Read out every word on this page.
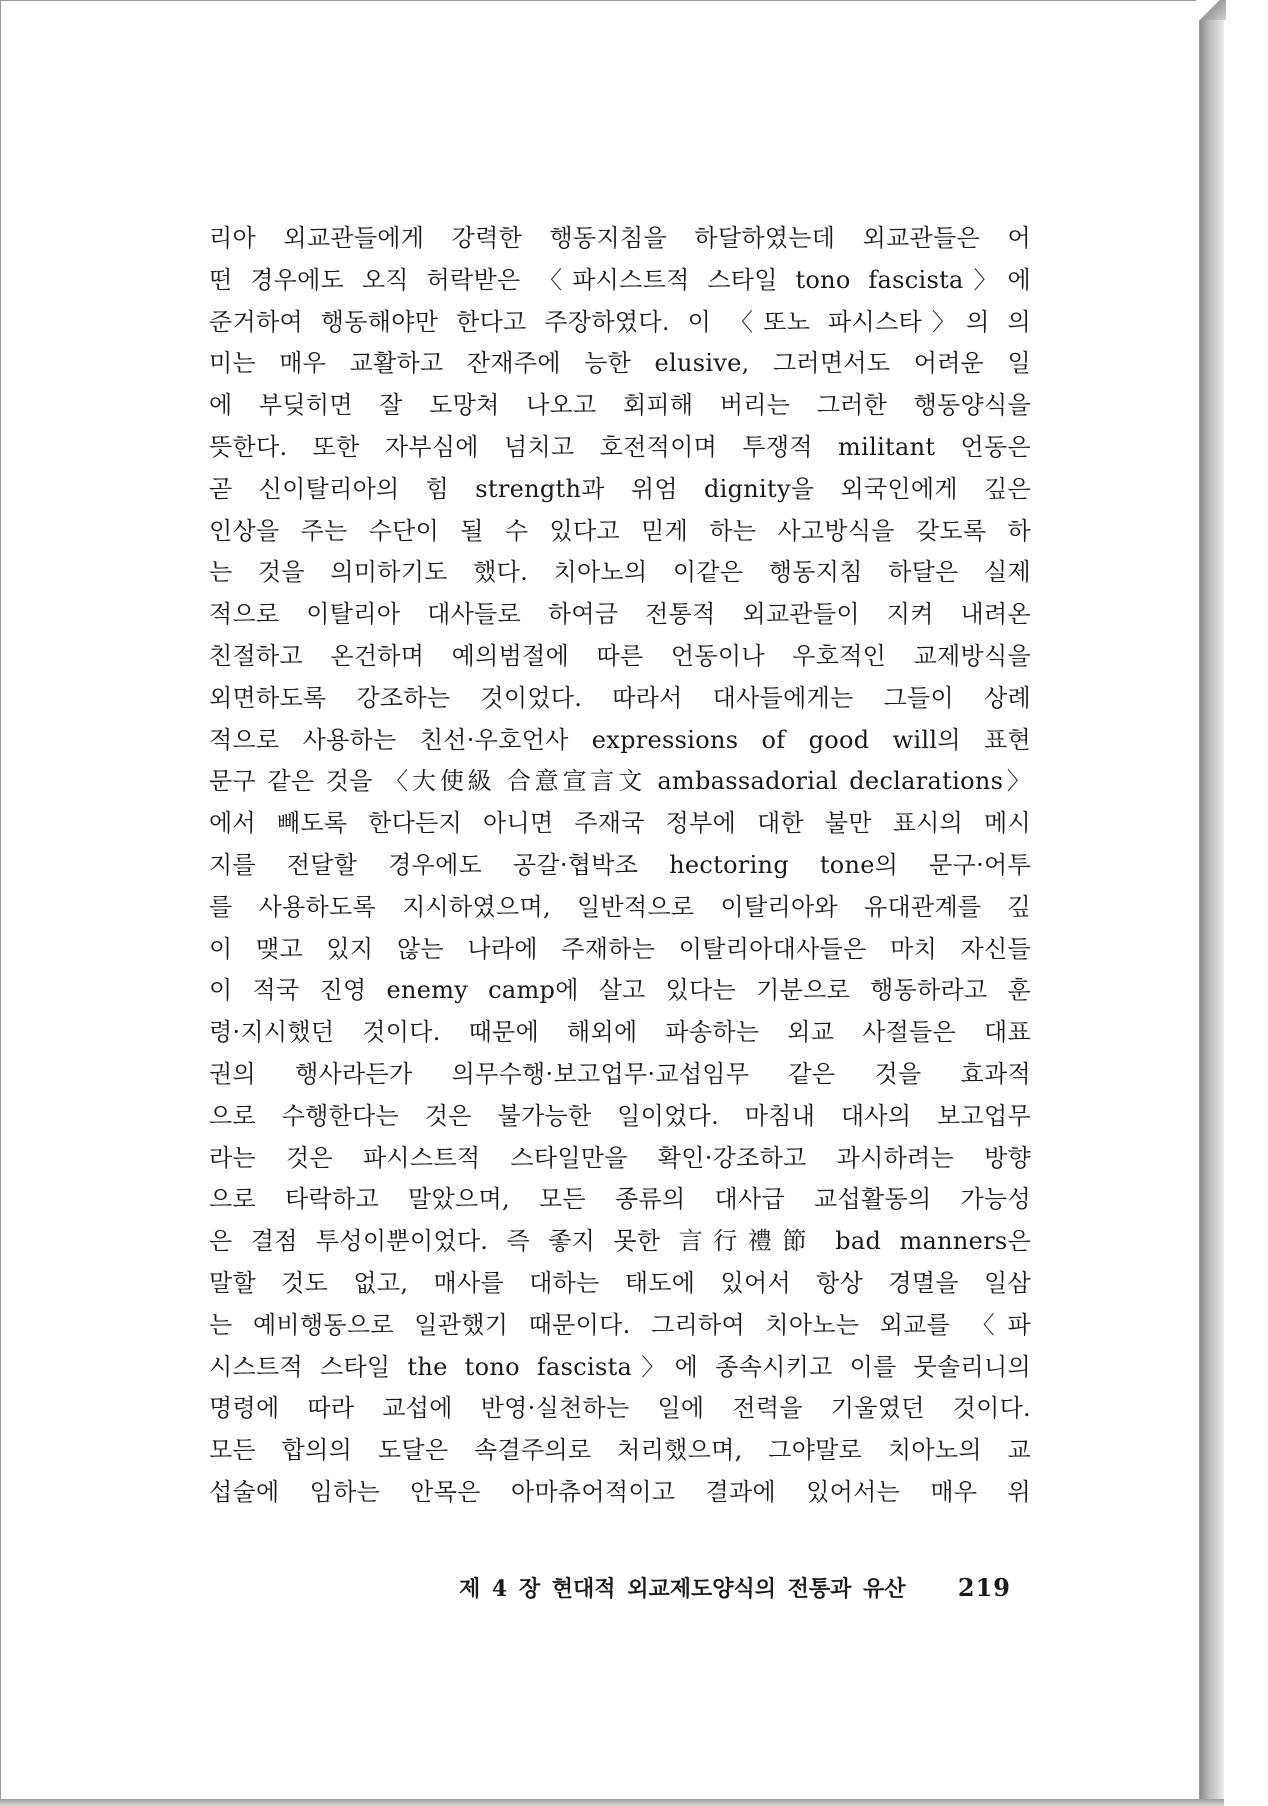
리아 외교관들에게 강력한 행동지침을 하달하였는데 외교관들은 어
떤 경우에도 오직 허락받은 〈파시스트적 스타일 tono fascista〉에
준거하여 행동해야만 한다고 주장하였다. 이 〈또노 파시스타〉의 의
미는 매우 교활하고 잔재주에 능한 elusive, 그러면서도 어려운 일
에 부딪히면 잘 도망쳐 나오고 회피해 버리는 그러한 행동양식을
뜻한다. 또한 자부심에 넘치고 호전적이며 투쟁적 militant 언동은
곧 신이탈리아의 힘 strength과 위엄 dignity을 외국인에게 깊은
인상을 주는 수단이 될 수 있다고 믿게 하는 사고방식을 갖도록 하
는 것을 의미하기도 했다. 치아노의 이같은 행동지침 하달은 실제
적으로 이탈리아 대사들로 하여금 전통적 외교관들이 지켜 내려온
친절하고 온건하며 예의범절에 따른 언동이나 우호적인 교제방식을
외면하도록 강조하는 것이었다. 따라서 대사들에게는 그들이 상례
적으로 사용하는 친선·우호언사 expressions of good will의 표현
문구 같은 것을 〈大使級 合意宣言文 ambassadorial declarations〉
에서 빼도록 한다든지 아니면 주재국 정부에 대한 불만 표시의 메시
지를 전달할 경우에도 공갈·협박조 hectoring tone의 문구·어투
를 사용하도록 지시하였으며, 일반적으로 이탈리아와 유대관계를 깊
이 맺고 있지 않는 나라에 주재하는 이탈리아대사들은 마치 자신들
이 적국 진영 enemy camp에 살고 있다는 기분으로 행동하라고 훈
령·지시했던 것이다. 때문에 해외에 파송하는 외교 사절들은 대표
권의 행사라든가 의무수행·보고업무·교섭임무 같은 것을 효과적
으로 수행한다는 것은 불가능한 일이었다. 마침내 대사의 보고업무
라는 것은 파시스트적 스타일만을 확인·강조하고 과시하려는 방향
으로 타락하고 말았으며, 모든 종류의 대사급 교섭활동의 가능성
은 결점 투성이뿐이었다. 즉 좋지 못한 言行禮節 bad manners은
말할 것도 없고, 매사를 대하는 태도에 있어서 항상 경멸을 일삼
는 예비행동으로 일관했기 때문이다. 그리하여 치아노는 외교를 〈파
시스트적 스타일 the tono fascista〉에 종속시키고 이를 뭇솔리니의
명령에 따라 교섭에 반영·실천하는 일에 전력을 기울였던 것이다.
모든 합의의 도달은 속결주의로 처리했으며, 그야말로 치아노의 교
섭술에 임하는 안목은 아마츄어적이고 결과에 있어서는 매우 위
제 4 장 현대적 외교제도양식의 전통과 유산 219
